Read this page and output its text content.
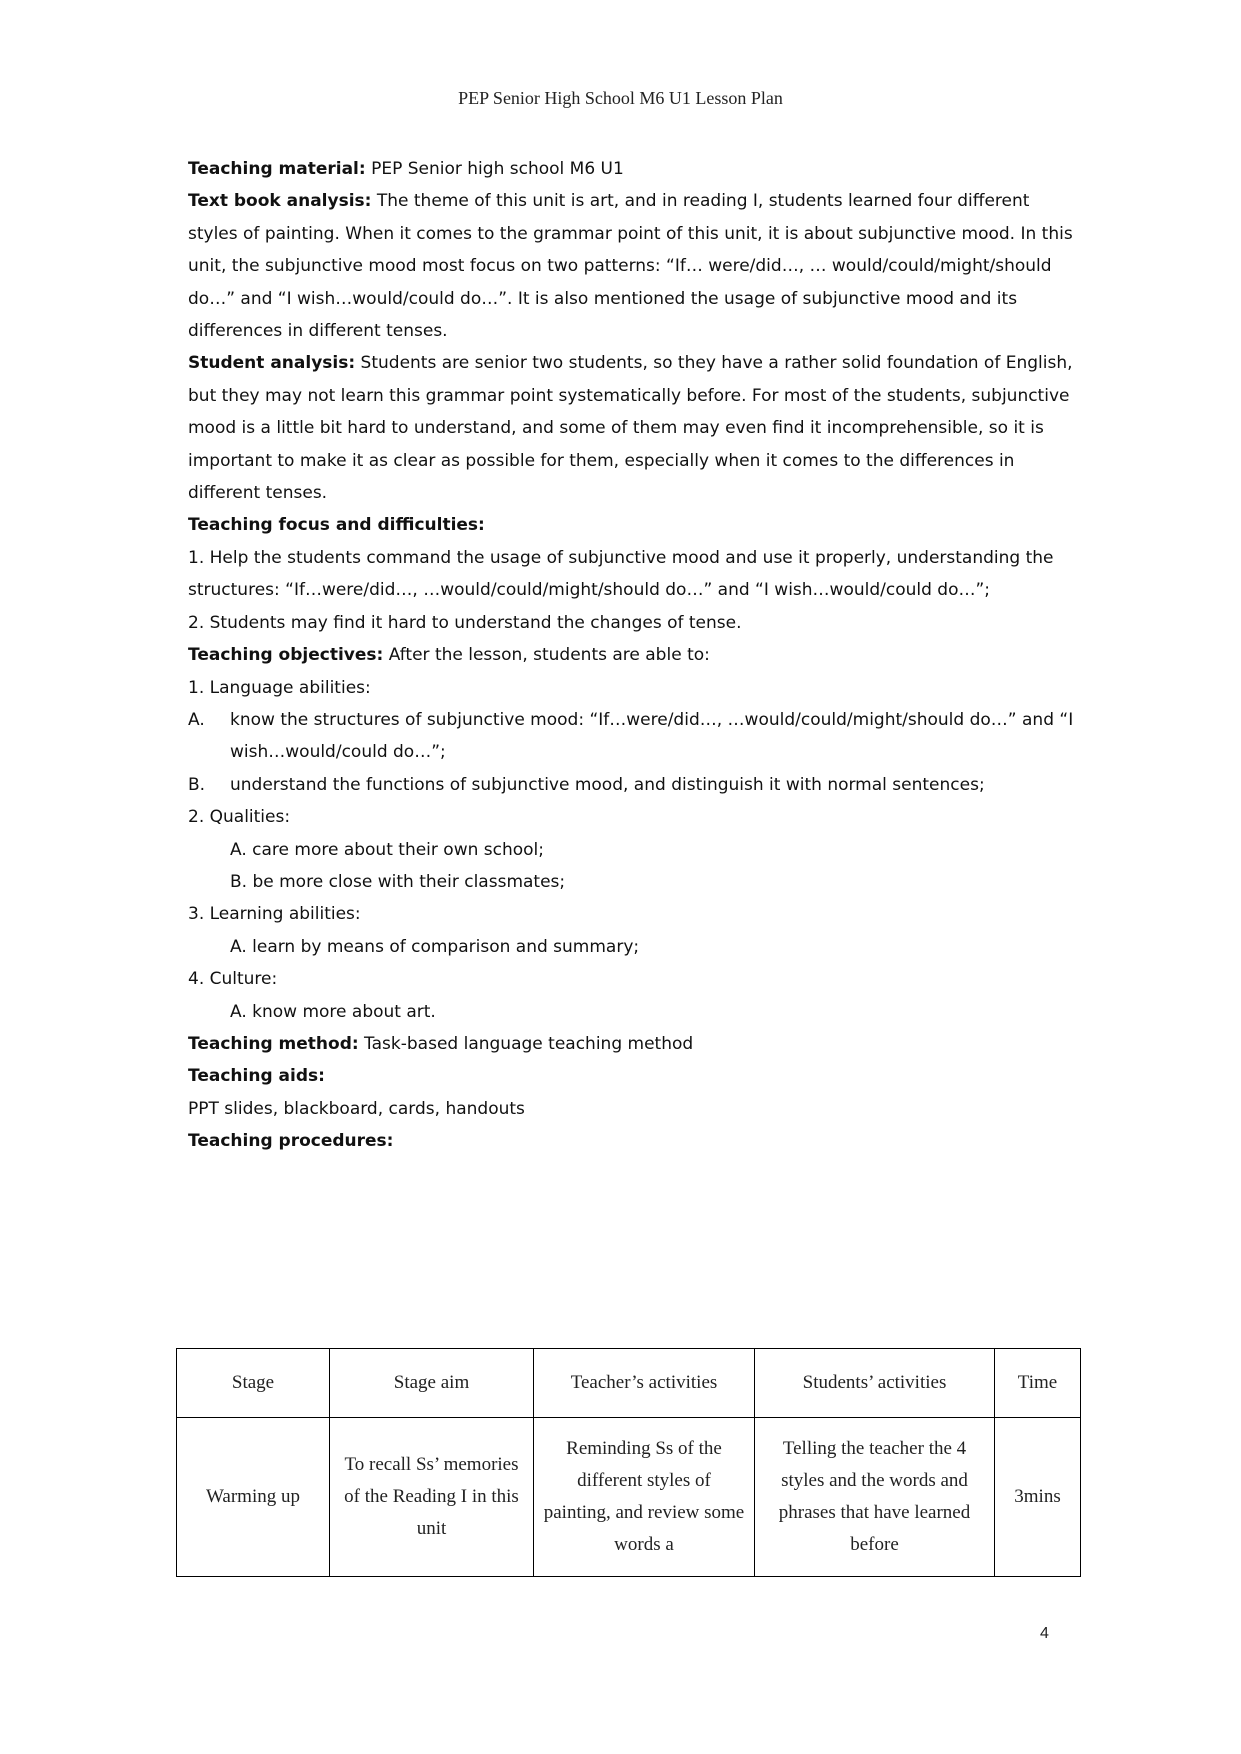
PEP Senior High School M6 U1 Lesson Plan

Teaching material: PEP Senior high school M6 U1

Text book analysis: The theme of this unit is art, and in reading I, students learned four different styles of painting. When it comes to the grammar point of this unit, it is about subjunctive mood. In this unit, the subjunctive mood most focus on two patterns: “If… were/did…, … would/could/might/should do…” and “I wish…would/could do…”. It is also mentioned the usage of subjunctive mood and its differences in different tenses.

Student analysis: Students are senior two students, so they have a rather solid foundation of English, but they may not learn this grammar point systematically before. For most of the students, subjunctive mood is a little bit hard to understand, and some of them may even find it incomprehensible, so it is important to make it as clear as possible for them, especially when it comes to the differences in different tenses.

Teaching focus and difficulties:

1. Help the students command the usage of subjunctive mood and use it properly, understanding the structures: “If…were/did…, …would/could/might/should do…” and “I wish…would/could do…”;

2. Students may find it hard to understand the changes of tense.

Teaching objectives: After the lesson, students are able to:

1. Language abilities:

A. know the structures of subjunctive mood: “If…were/did…, …would/could/might/should do…” and “I wish…would/could do…”;

B. understand the functions of subjunctive mood, and distinguish it with normal sentences;

2. Qualities:

A. care more about their own school;

B. be more close with their classmates;

3. Learning abilities:

A. learn by means of comparison and summary;

4. Culture:

A. know more about art.

Teaching method: Task-based language teaching method

Teaching aids:

PPT slides, blackboard, cards, handouts

Teaching procedures:

Stage	Stage aim	Teacher’s activities	Students’ activities	Time
Warming up	To recall Ss’ memories of the Reading I in this unit	Reminding Ss of the different styles of painting, and review some words a	Telling the teacher the 4 styles and the words and phrases that have learned before	3mins
4
